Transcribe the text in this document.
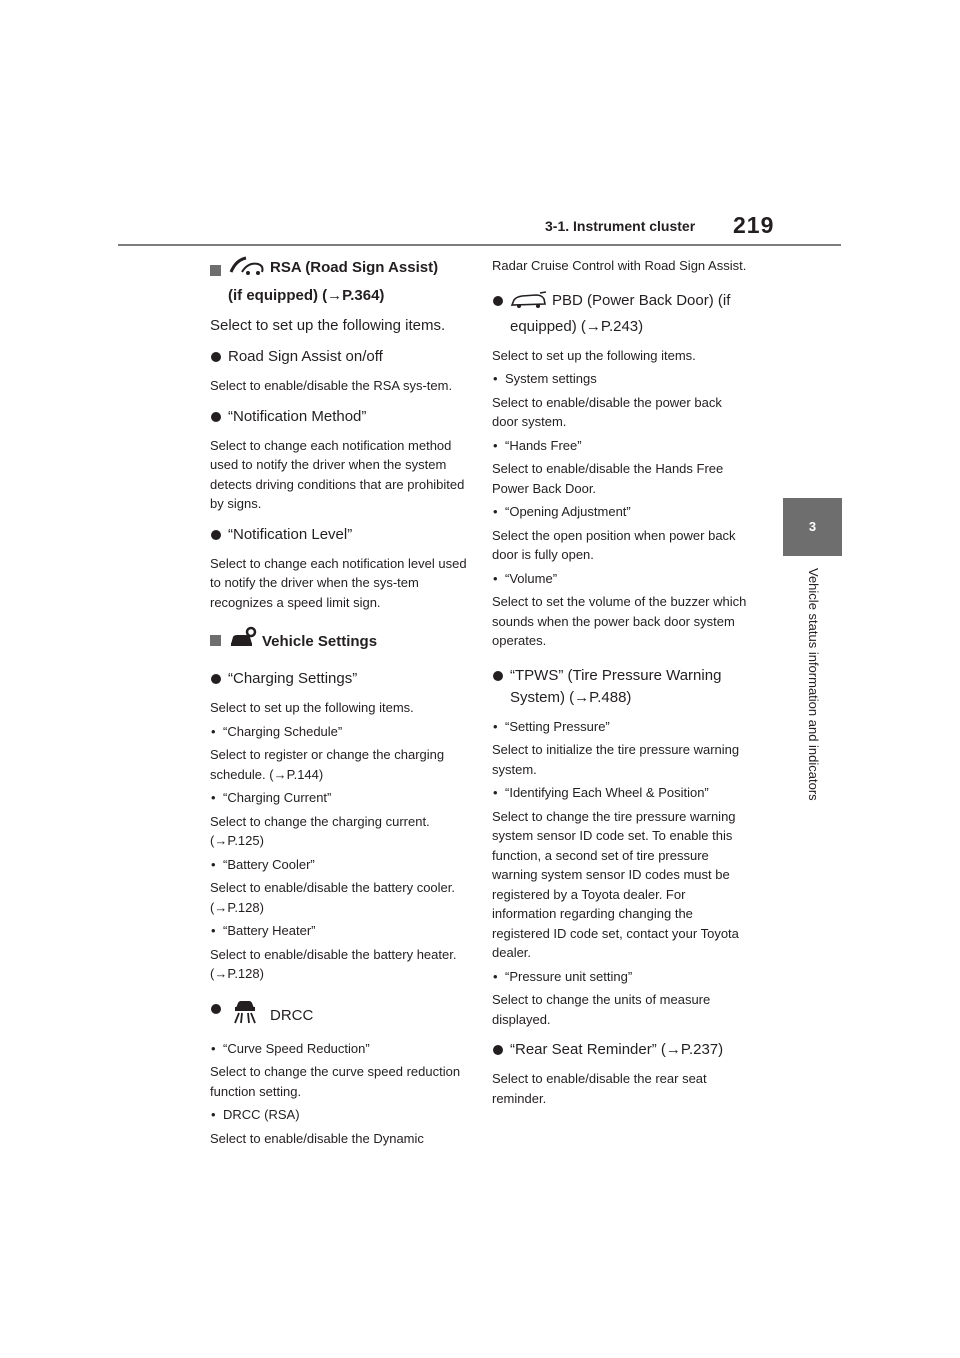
3-1. Instrument cluster 219
3
Vehicle status information and indicators
RSA (Road Sign Assist)
(if equipped) (→P.364)

Select to set up the following items.

Road Sign Assist on/off

Select to enable/disable the RSA sys-tem.

“Notification Method”

Select to change each notification method used to notify the driver when the system detects driving conditions that are prohibited by signs.

“Notification Level”

Select to change each notification level used to notify the driver when the sys-tem recognizes a speed limit sign.

Vehicle Settings
“Charging Settings”

Select to set up the following items.

• “Charging Schedule”

Select to register or change the charging schedule. (→P.144)

• “Charging Current”

Select to change the charging current. (→P.125)

• “Battery Cooler”

Select to enable/disable the battery cooler. (→P.128)

• “Battery Heater”

Select to enable/disable the battery heater. (→P.128)

DRCC
• “Curve Speed Reduction”

Select to change the curve speed reduction function setting.

• DRCC (RSA)

Select to enable/disable the Dynamic

Radar Cruise Control with Road Sign Assist.

PBD (Power Back Door) (if equipped) (→P.243)

Select to set up the following items.

• System settings

Select to enable/disable the power back door system.

• “Hands Free”

Select to enable/disable the Hands Free Power Back Door.

• “Opening Adjustment”

Select the open position when power back door is fully open.

• “Volume”

Select to set the volume of the buzzer which sounds when the power back door system operates.

“TPWS” (Tire Pressure Warning System) (→P.488)
• “Setting Pressure”

Select to initialize the tire pressure warning system.

• “Identifying Each Wheel & Position”

Select to change the tire pressure warning system sensor ID code set. To enable this function, a second set of tire pressure warning system sensor ID codes must be registered by a Toyota dealer. For information regarding changing the registered ID code set, contact your Toyota dealer.

• “Pressure unit setting”

Select to change the units of measure displayed.

“Rear Seat Reminder” (→P.237)

Select to enable/disable the rear seat reminder.
